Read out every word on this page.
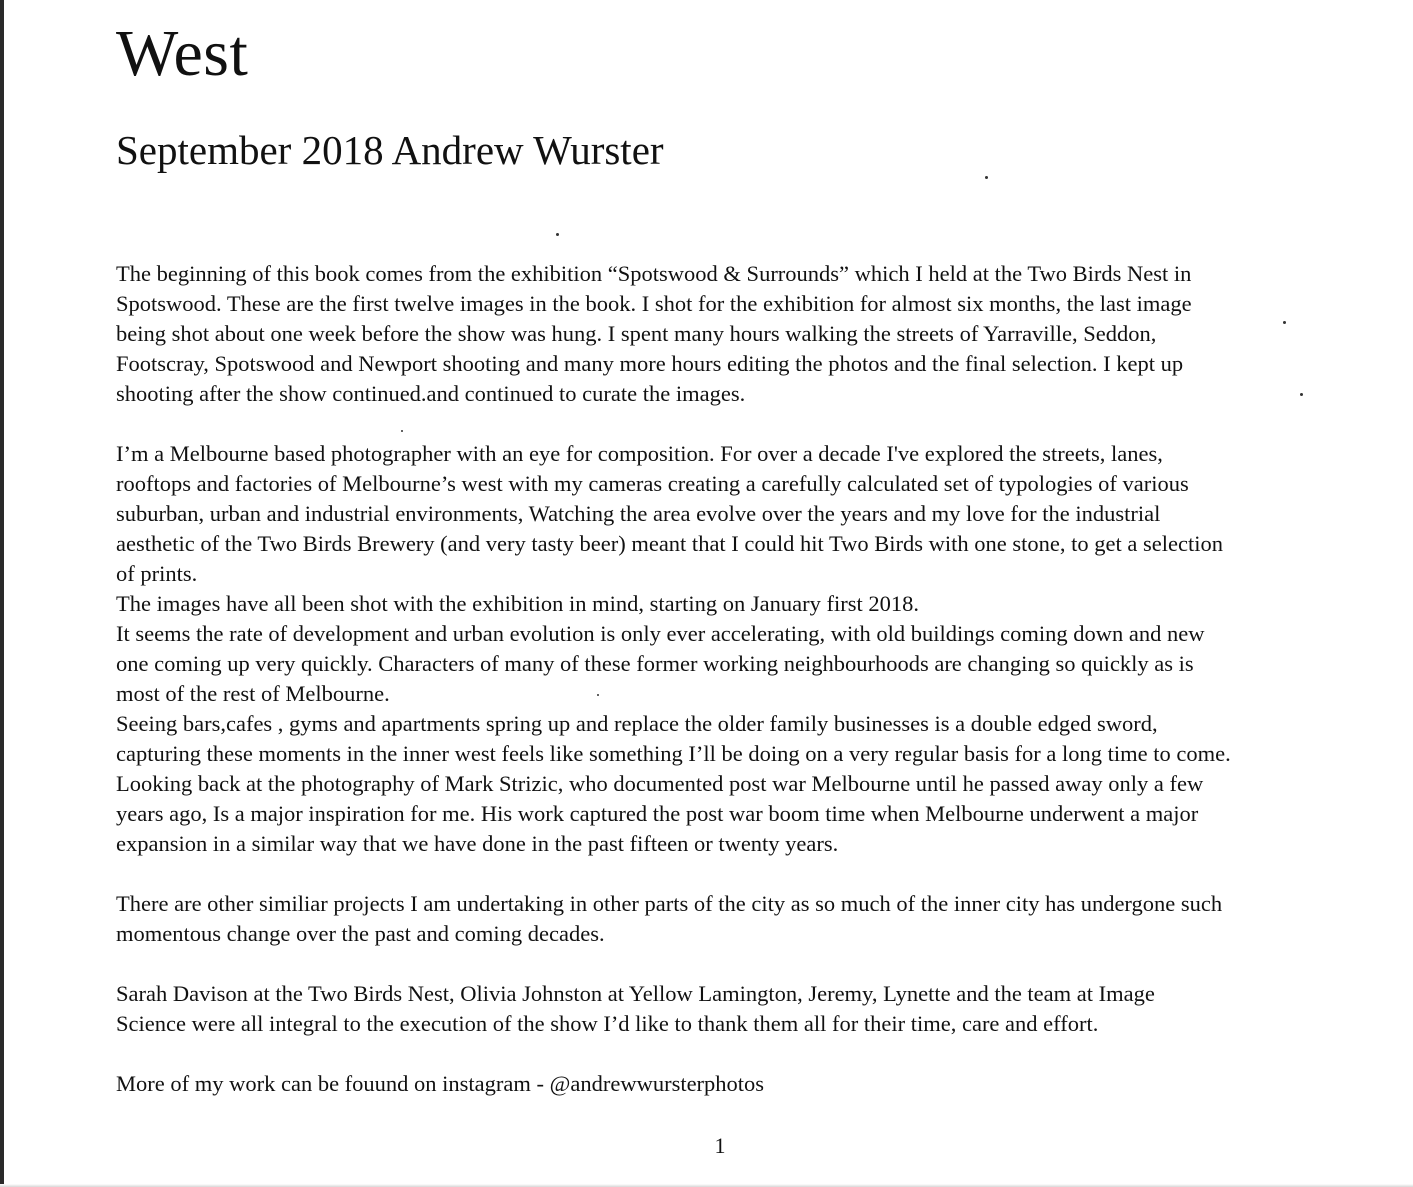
West
September 2018 Andrew Wurster

The beginning of this book comes from the exhibition “Spotswood & Surrounds” which I held at the Two Birds Nest in

Spotswood. These are the first twelve images in the book. I shot for the exhibition for almost six months, the last image

being shot about one week before the show was hung. I spent many hours walking the streets of Yarraville, Seddon,

Footscray, Spotswood and Newport shooting and many more hours editing the photos and the final selection. I kept up

shooting after the show continued.and continued to curate the images.

I’m a Melbourne based photographer with an eye for composition. For over a decade I've explored the streets, lanes,

rooftops and factories of Melbourne’s west with my cameras creating a carefully calculated set of typologies of various

suburban, urban and industrial environments, Watching the area evolve over the years and my love for the industrial

aesthetic of the Two Birds Brewery (and very tasty beer) meant that I could hit Two Birds with one stone, to get a selection

of prints.

The images have all been shot with the exhibition in mind, starting on January first 2018.

It seems the rate of development and urban evolution is only ever accelerating, with old buildings coming down and new

one coming up very quickly. Characters of many of these former working neighbourhoods are changing so quickly as is

most of the rest of Melbourne.

Seeing bars,cafes , gyms and apartments spring up and replace the older family businesses is a double edged sword,

capturing these moments in the inner west feels like something I’ll be doing on a very regular basis for a long time to come.

Looking back at the photography of Mark Strizic, who documented post war Melbourne until he passed away only a few

years ago, Is a major inspiration for me. His work captured the post war boom time when Melbourne underwent a major

expansion in a similar way that we have done in the past fifteen or twenty years.

There are other similiar projects I am undertaking in other parts of the city as so much of the inner city has undergone such

momentous change over the past and coming decades.

Sarah Davison at the Two Birds Nest, Olivia Johnston at Yellow Lamington, Jeremy, Lynette and the team at Image

Science were all integral to the execution of the show I’d like to thank them all for their time, care and effort.

More of my work can be fouund on instagram - @andrewwursterphotos

1
